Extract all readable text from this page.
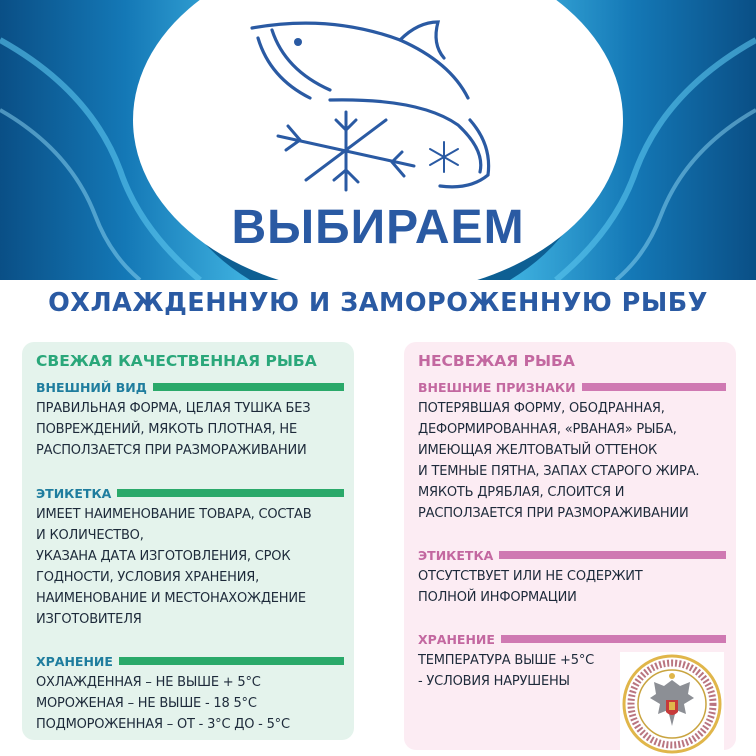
ВЫБИРАЕМ
ОХЛАЖДЕННУЮ И ЗАМОРОЖЕННУЮ РЫБУ
СВЕЖАЯ КАЧЕСТВЕННАЯ РЫБА
ВНЕШНИЙ ВИД
ПРАВИЛЬНАЯ ФОРМА, ЦЕЛАЯ ТУШКА БЕЗ
ПОВРЕЖДЕНИЙ, МЯКОТЬ ПЛОТНАЯ, НЕ
РАСПОЛЗАЕТСЯ ПРИ РАЗМОРАЖИВАНИИ
ЭТИКЕТКА
ИМЕЕТ НАИМЕНОВАНИЕ ТОВАРА, СОСТАВ
И КОЛИЧЕСТВО,
УКАЗАНА ДАТА ИЗГОТОВЛЕНИЯ, СРОК
ГОДНОСТИ, УСЛОВИЯ ХРАНЕНИЯ,
НАИМЕНОВАНИЕ И МЕСТОНАХОЖДЕНИЕ
ИЗГОТОВИТЕЛЯ
ХРАНЕНИЕ
ОХЛАЖДЕННАЯ – НЕ ВЫШЕ + 5°С
МОРОЖЕНАЯ – НЕ ВЫШЕ - 18 5°С
ПОДМОРОЖЕННАЯ – ОТ - 3°С ДО - 5°С
НЕСВЕЖАЯ РЫБА
ВНЕШНИЕ ПРИЗНАКИ
ПОТЕРЯВШАЯ ФОРМУ, ОБОДРАННАЯ,
ДЕФОРМИРОВАННАЯ, «РВАНАЯ» РЫБА,
ИМЕЮЩАЯ ЖЕЛТОВАТЫЙ ОТТЕНОК
И ТЕМНЫЕ ПЯТНА, ЗАПАХ СТАРОГО ЖИРА.
МЯКОТЬ ДРЯБЛАЯ, СЛОИТСЯ И
РАСПОЛЗАЕТСЯ ПРИ РАЗМОРАЖИВАНИИ
ЭТИКЕТКА
ОТСУТСТВУЕТ ИЛИ НЕ СОДЕРЖИТ
ПОЛНОЙ ИНФОРМАЦИИ
ХРАНЕНИЕ
ТЕМПЕРАТУРА ВЫШЕ +5°С
- УСЛОВИЯ НАРУШЕНЫ
